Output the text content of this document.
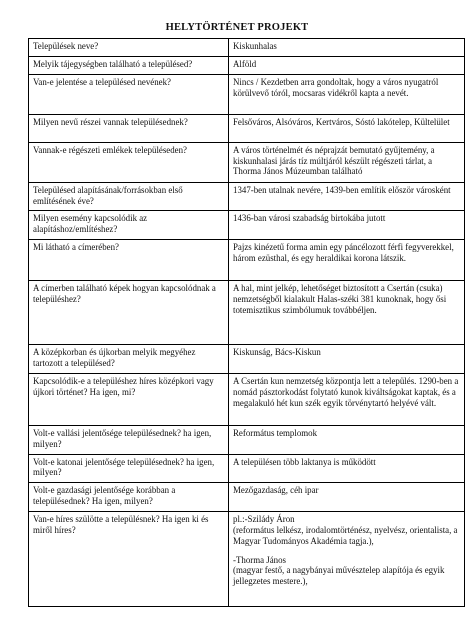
HELYTÖRTÉNET PROJEKT
Települések neve?	Kiskunhalas

Melyik tájegységben található a településed?	Alföld

Van-e jelentése a településed nevének?	Nincs / Kezdetben arra gondoltak, hogy a város nyugatról körülvevő tóról, mocsaras vidékről kapta a nevét.

Milyen nevű részei vannak településednek?	Felsőváros, Alsóváros, Kertváros, Sóstó lakótelep, Kültelület

Vannak-e régészeti emlékek településeden?	A város történelmét és néprajzát bemutató gyűjtemény, a kiskunhalasi járás tíz múltjáról készült régészeti tárlat, a Thorma János Múzeumban található

Településed alapításának/forrásokban első említésének éve?	1347-ben utalnak nevére, 1439-ben említik először városként

Milyen esemény kapcsolódik az alapításhoz/említéshez?	1436-ban városi szabadság birtokába jutott

Mi látható a címerében?	Pajzs kinézetű forma amin egy páncélozott férfi fegyverekkel, három ezüsthal, és egy heraldikai korona látszik.

A címerben található képek hogyan kapcsolódnak a településhez?	A hal, mint jelkép, lehetőséget biztosított a Csertán (csuka) nemzetségből kialakult Halas-széki 381 kunoknak, hogy ősi totemisztikus szimbólumuk továbbéljen.

A középkorban és újkorban melyik megyéhez tartozott a településed?	Kiskunság, Bács-Kiskun

Kapcsolódik-e a településhez híres középkori vagy újkori történet? Ha igen, mi?	A Csertán kun nemzetség központja lett a település. 1290-ben a nomád pásztorkodást folytató kunok kiváltságokat kaptak, és a megalakuló hét kun szék egyik törvénytartó helyévé vált.

Volt-e vallási jelentősége településednek? ha igen, milyen?	Református templomok

Volt-e katonai jelentősége településednek? ha igen, milyen?	A településen több laktanya is működött

Volt-e gazdasági jelentősége korábban a településednek? Ha igen, milyen?	Mezőgazdaság, céh ipar

Van-e híres szülötte a településnek? Ha igen ki és miről híres?	pl.:-Szilády Áron
(református lelkész, irodalomtörténész, nyelvész, orientalista, a Magyar Tudományos Akadémia tagja.),
-Thorma János
(magyar festő, a nagybányai művésztelep alapítója és egyik jellegzetes mestere.),
